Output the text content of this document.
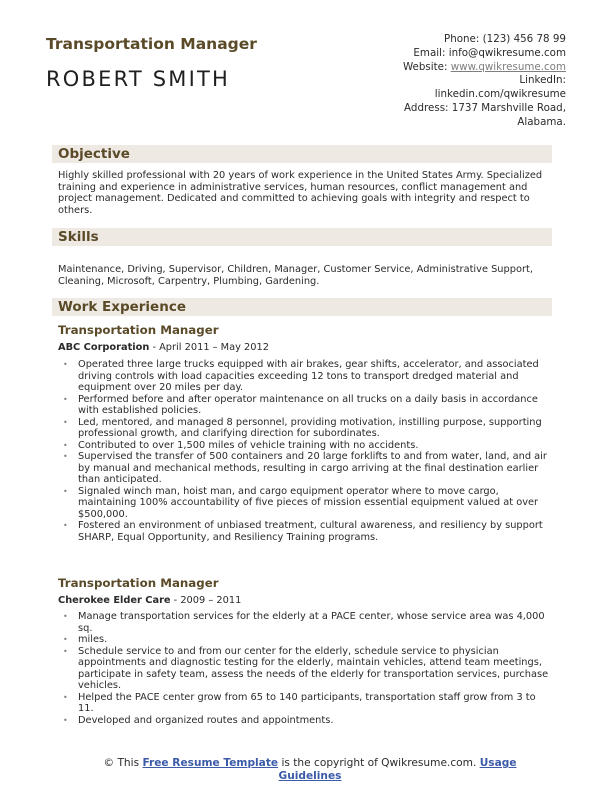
Transportation Manager
ROBERT SMITH
Phone: (123) 456 78 99
Email: info@qwikresume.com
Website: www.qwikresume.com
LinkedIn:
linkedin.com/qwikresume
Address: 1737 Marshville Road,
Alabama.
Objective
Highly skilled professional with 20 years of work experience in the United States Army. Specialized training and experience in administrative services, human resources, conflict management and project management. Dedicated and committed to achieving goals with integrity and respect to others.
Skills
Maintenance, Driving, Supervisor, Children, Manager, Customer Service, Administrative Support, Cleaning, Microsoft, Carpentry, Plumbing, Gardening.
Work Experience
Transportation Manager
ABC Corporation - April 2011 – May 2012
• Operated three large trucks equipped with air brakes, gear shifts, accelerator, and associated driving controls with load capacities exceeding 12 tons to transport dredged material and equipment over 20 miles per day.
• Performed before and after operator maintenance on all trucks on a daily basis in accordance with established policies.
• Led, mentored, and managed 8 personnel, providing motivation, instilling purpose, supporting professional growth, and clarifying direction for subordinates.
• Contributed to over 1,500 miles of vehicle training with no accidents.
• Supervised the transfer of 500 containers and 20 large forklifts to and from water, land, and air by manual and mechanical methods, resulting in cargo arriving at the final destination earlier than anticipated.
• Signaled winch man, hoist man, and cargo equipment operator where to move cargo, maintaining 100% accountability of five pieces of mission essential equipment valued at over $500,000.
• Fostered an environment of unbiased treatment, cultural awareness, and resiliency by support SHARP, Equal Opportunity, and Resiliency Training programs.
Transportation Manager
Cherokee Elder Care - 2009 – 2011
• Manage transportation services for the elderly at a PACE center, whose service area was 4,000 sq.
• miles.
• Schedule service to and from our center for the elderly, schedule service to physician appointments and diagnostic testing for the elderly, maintain vehicles, attend team meetings, participate in safety team, assess the needs of the elderly for transportation services, purchase vehicles.
• Helped the PACE center grow from 65 to 140 participants, transportation staff grow from 3 to 11.
• Developed and organized routes and appointments.
© This Free Resume Template is the copyright of Qwikresume.com. Usage Guidelines
